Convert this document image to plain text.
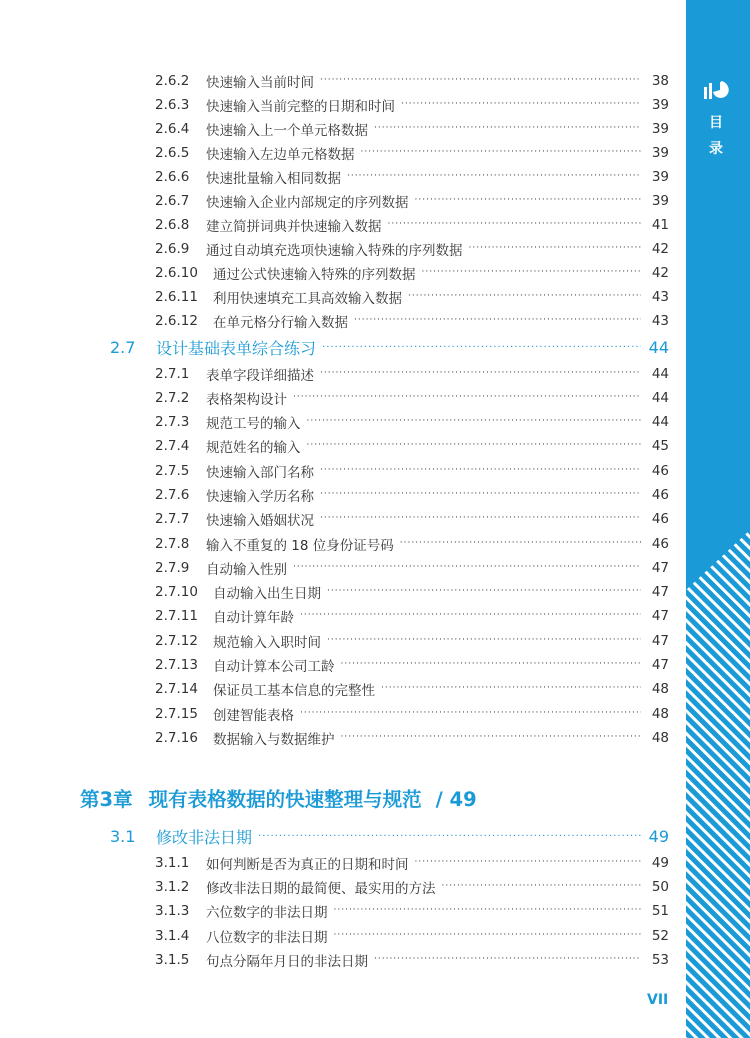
目
录
2.6.2	快速输入当前时间 ·····	38
2.6.3	快速输入当前完整的日期和时间 ·····	39
2.6.4	快速输入上一个单元格数据 ·····	39
2.6.5	快速输入左边单元格数据 ·····	39
2.6.6	快速批量输入相同数据 ·····	39
2.6.7	快速输入企业内部规定的序列数据 ·····	39
2.6.8	建立简拼词典并快速输入数据 ·····	41
2.6.9	通过自动填充选项快速输入特殊的序列数据 ·····	42
2.6.10	通过公式快速输入特殊的序列数据 ·····	42
2.6.11	利用快速填充工具高效输入数据 ·····	43
2.6.12	在单元格分行输入数据 ·····	43
2.7	设计基础表单综合练习 ·····	44
2.7.1	表单字段详细描述 ·····	44
2.7.2	表格架构设计 ·····	44
2.7.3	规范工号的输入 ·····	44
2.7.4	规范姓名的输入 ·····	45
2.7.5	快速输入部门名称 ·····	46
2.7.6	快速输入学历名称 ·····	46
2.7.7	快速输入婚姻状况 ·····	46
2.7.8	输入不重复的 18 位身份证号码 ·····	46
2.7.9	自动输入性别 ·····	47
2.7.10	自动输入出生日期 ·····	47
2.7.11	自动计算年龄 ·····	47
2.7.12	规范输入入职时间 ·····	47
2.7.13	自动计算本公司工龄 ·····	47
2.7.14	保证员工基本信息的完整性 ·····	48
2.7.15	创建智能表格 ·····	48
2.7.16	数据输入与数据维护 ·····	48
第3章 现有表格数据的快速整理与规范 / 49
3.1	修改非法日期 ·····	49
3.1.1	如何判断是否为真正的日期和时间 ·····	49
3.1.2	修改非法日期的最简便、最实用的方法 ·····	50
3.1.3	六位数字的非法日期 ·····	51
3.1.4	八位数字的非法日期 ·····	52
3.1.5	句点分隔年月日的非法日期 ·····	53
VII
